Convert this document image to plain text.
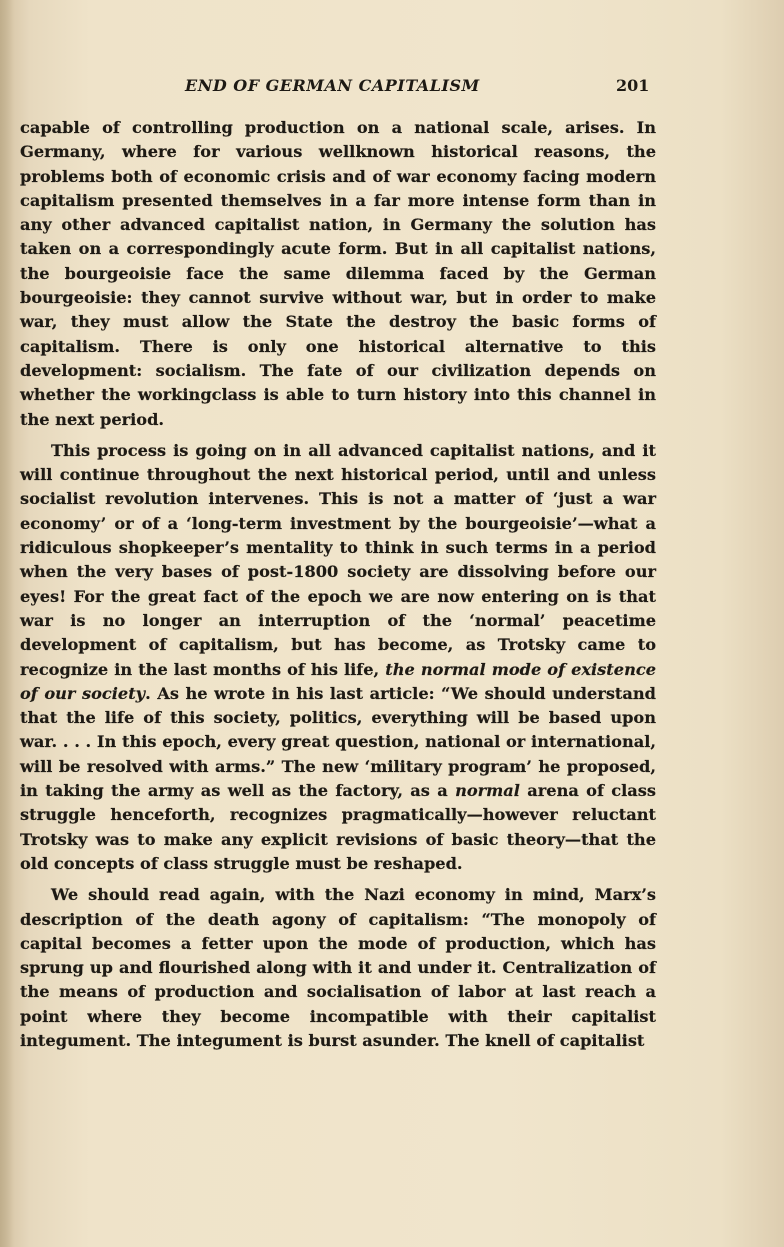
END OF GERMAN CAPITALISM	201

capable of controlling production on a national scale, arises. In Germany, where for various wellknown historical reasons, the problems both of economic crisis and of war economy facing modern capitalism presented themselves in a far more intense form than in any other advanced capitalist nation, in Germany the solution has taken on a correspondingly acute form. But in all capitalist nations, the bourgeoisie face the same dilemma faced by the German bourgeoisie: they cannot survive without war, but in order to make war, they must allow the State the destroy the basic forms of capitalism. There is only one historical alternative to this development: socialism. The fate of our civilization depends on whether the workingclass is able to turn history into this channel in the next period.

This process is going on in all advanced capitalist nations, and it will continue throughout the next historical period, until and unless socialist revolution intervenes. This is not a matter of ‘just a war economy’ or of a ‘long-term investment by the bourgeoisie’—what a ridiculous shopkeeper’s mentality to think in such terms in a period when the very bases of post-1800 society are dissolving before our eyes! For the great fact of the epoch we are now entering on is that war is no longer an interruption of the ‘normal’ peacetime development of capitalism, but has become, as Trotsky came to recognize in the last months of his life, the normal mode of existence of our society. As he wrote in his last article: “We should understand that the life of this society, politics, everything will be based upon war. . . . In this epoch, every great question, national or international, will be resolved with arms.” The new ‘military program’ he proposed, in taking the army as well as the factory, as a normal arena of class struggle henceforth, recognizes pragmatically—however reluctant Trotsky was to make any explicit revisions of basic theory—that the old concepts of class struggle must be reshaped.

We should read again, with the Nazi economy in mind, Marx’s description of the death agony of capitalism: “The monopoly of capital becomes a fetter upon the mode of production, which has sprung up and flourished along with it and under it. Centralization of the means of production and socialisation of labor at last reach a point where they become incompatible with their capitalist integument. The integument is burst asunder. The knell of capitalist
